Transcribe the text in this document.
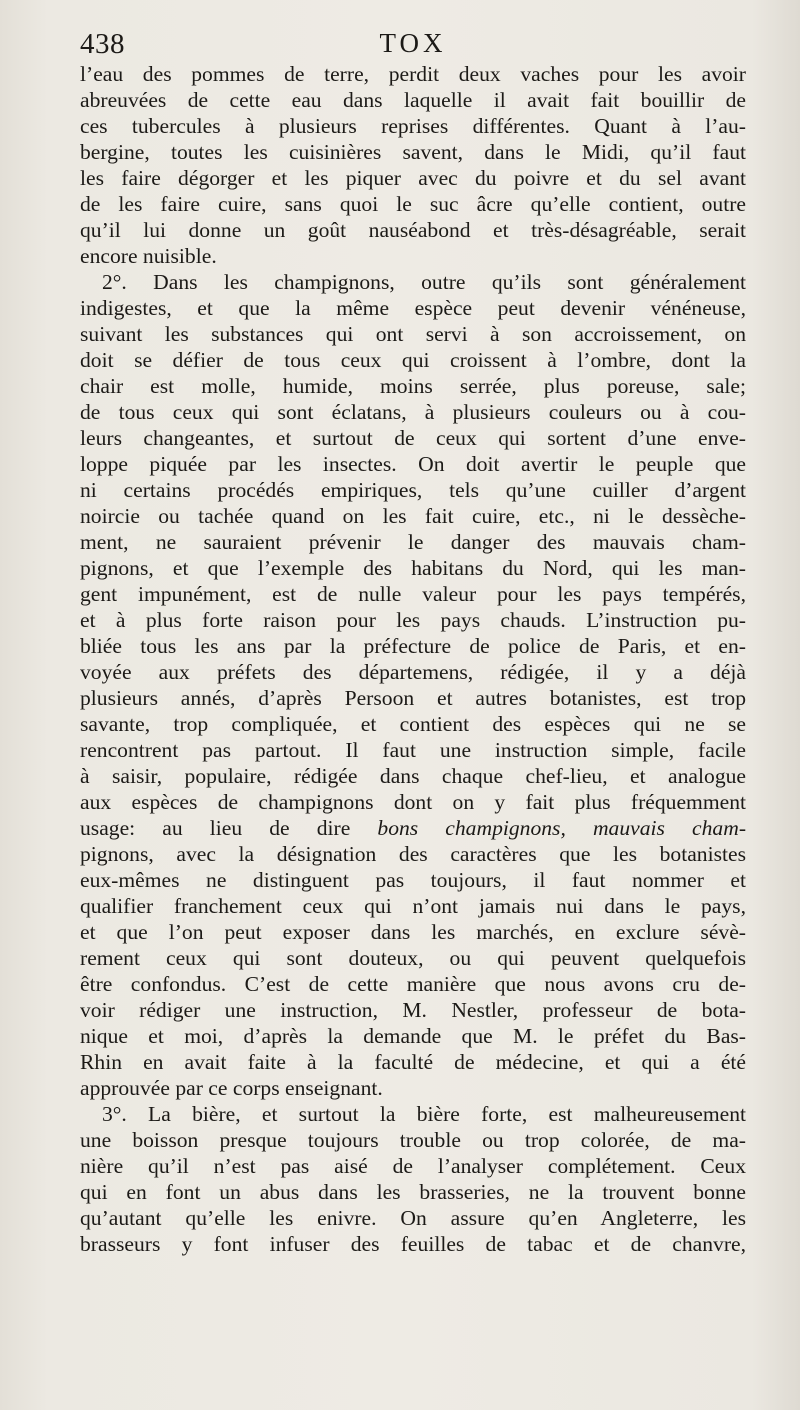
438	TOX
l’eau des pommes de terre, perdit deux vaches pour les avoir
abreuvées de cette eau dans laquelle il avait fait bouillir de
ces tubercules à plusieurs reprises différentes. Quant à l’au-
bergine, toutes les cuisinières savent, dans le Midi, qu’il faut
les faire dégorger et les piquer avec du poivre et du sel avant
de les faire cuire, sans quoi le suc âcre qu’elle contient, outre
qu’il lui donne un goût nauséabond et très-désagréable, serait
encore nuisible.
2°. Dans les champignons, outre qu’ils sont généralement
indigestes, et que la même espèce peut devenir vénéneuse,
suivant les substances qui ont servi à son accroissement, on
doit se défier de tous ceux qui croissent à l’ombre, dont la
chair est molle, humide, moins serrée, plus poreuse, sale;
de tous ceux qui sont éclatans, à plusieurs couleurs ou à cou-
leurs changeantes, et surtout de ceux qui sortent d’une enve-
loppe piquée par les insectes. On doit avertir le peuple que
ni certains procédés empiriques, tels qu’une cuiller d’argent
noircie ou tachée quand on les fait cuire, etc., ni le dessèche-
ment, ne sauraient prévenir le danger des mauvais cham-
pignons, et que l’exemple des habitans du Nord, qui les man-
gent impunément, est de nulle valeur pour les pays tempérés,
et à plus forte raison pour les pays chauds. L’instruction pu-
bliée tous les ans par la préfecture de police de Paris, et en-
voyée aux préfets des départemens, rédigée, il y a déjà
plusieurs annés, d’après Persoon et autres botanistes, est trop
savante, trop compliquée, et contient des espèces qui ne se
rencontrent pas partout. Il faut une instruction simple, facile
à saisir, populaire, rédigée dans chaque chef-lieu, et analogue
aux espèces de champignons dont on y fait plus fréquemment
usage: au lieu de dire bons champignons, mauvais cham-
pignons, avec la désignation des caractères que les botanistes
eux-mêmes ne distinguent pas toujours, il faut nommer et
qualifier franchement ceux qui n’ont jamais nui dans le pays,
et que l’on peut exposer dans les marchés, en exclure sévè-
rement ceux qui sont douteux, ou qui peuvent quelquefois
être confondus. C’est de cette manière que nous avons cru de-
voir rédiger une instruction, M. Nestler, professeur de bota-
nique et moi, d’après la demande que M. le préfet du Bas-
Rhin en avait faite à la faculté de médecine, et qui a été
approuvée par ce corps enseignant.
3°. La bière, et surtout la bière forte, est malheureusement
une boisson presque toujours trouble ou trop colorée, de ma-
nière qu’il n’est pas aisé de l’analyser complétement. Ceux
qui en font un abus dans les brasseries, ne la trouvent bonne
qu’autant qu’elle les enivre. On assure qu’en Angleterre, les
brasseurs y font infuser des feuilles de tabac et de chanvre,
